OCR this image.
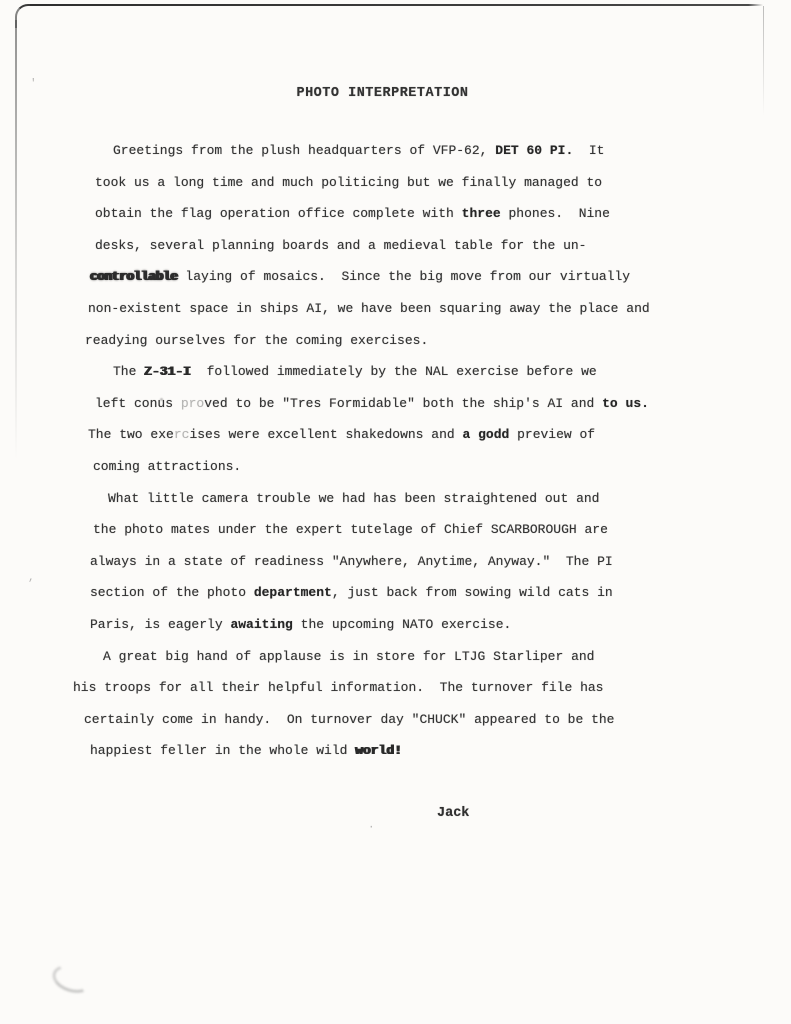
'
,
·
PHOTO INTERPRETATION
Greetings from the plush headquarters of VFP-62, DET 60 PI.  It
took us a long time and much politicing but we finally managed to
obtain the flag operation office complete with three phones.  Nine
desks, several planning boards and a medieval table for the un-
controllable laying of mosaics.  Since the big move from our virtually
non-existent space in ships AI, we have been squaring away the place and
readying ourselves for the coming exercises.
The Z-31-I  followed immediately by the NAL exercise before we
left conus proved to be "Tres Formidable" both the ship's AI and to us.
The two exercises were excellent shakedowns and a godd preview of
coming attractions.
What little camera trouble we had has been straightened out and
the photo mates under the expert tutelage of Chief SCARBOROUGH are
always in a state of readiness "Anywhere, Anytime, Anyway."  The PI
section of the photo department, just back from sowing wild cats in
Paris, is eagerly awaiting the upcoming NATO exercise.
A great big hand of applause is in store for LTJG Starliper and
his troops for all their helpful information.  The turnover file has
certainly come in handy.  On turnover day "CHUCK" appeared to be the
happiest feller in the whole wild world!
Jack
